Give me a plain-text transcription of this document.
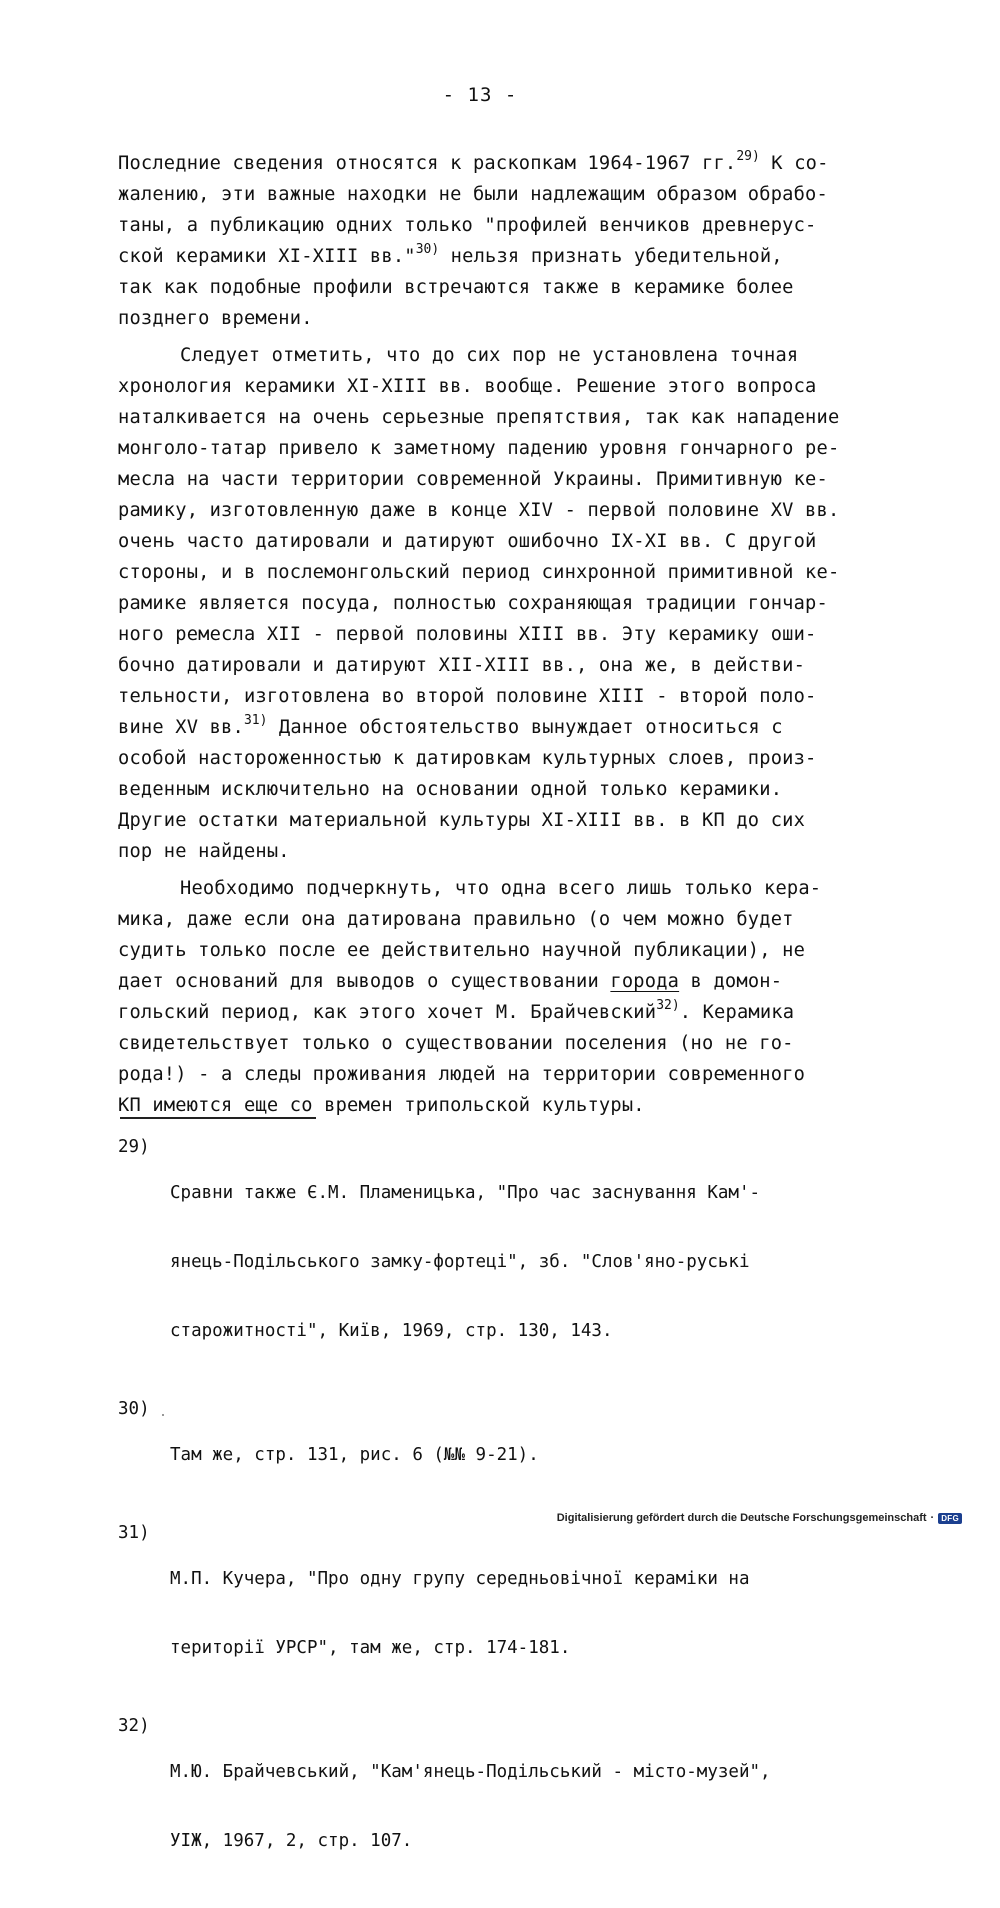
- 13 -
Последние сведения относятся к раскопкам 1964-1967 гг.$^{29)}$ К со-
жалению, эти важные находки не были надлежащим образом обрабо-
таны, а публикацию одних только "профилей венчиков древнерус-
ской керамики XI-XIII вв."$^{30)}$ нельзя признать убедительной,
так как подобные профили встречаются также в керамике более
позднего времени.
Следует отметить, что до сих пор не установлена точная
хронология керамики XI-XIII вв. вообще. Решение этого вопроса
наталкивается на очень серьезные препятствия, так как нападение
монголо-татар привело к заметному падению уровня гончарного ре-
месла на части территории современной Украины. Примитивную ке-
рамику, изготовленную даже в конце XIV - первой половине XV вв.
очень часто датировали и датируют ошибочно IX-XI вв. С другой
стороны, и в послемонгольский период синхронной примитивной ке-
рамике является посуда, полностью сохраняющая традиции гончар-
ного ремесла XII - первой половины XIII вв. Эту керамику оши-
бочно датировали и датируют XII-XIII вв., она же, в действи-
тельности, изготовлена во второй половине XIII - второй поло-
вине XV вв.$^{31)}$ Данное обстоятельство вынуждает относиться с
особой настороженностью к датировкам культурных слоев, произ-
веденным исключительно на основании одной только керамики.
Другие остатки материальной культуры XI-XIII вв. в КП до сих
пор не найдены.
Необходимо подчеркнуть, что одна всего лишь только кера-
мика, даже если она датирована правильно (о чем можно будет
судить только после ее действительно научной публикации), не
дает оснований для выводов о существовании города в домон-
гольский период, как этого хочет М. Брайчевский$^{32)}$. Керамика
свидетельствует только о существовании поселения (но не го-
рода!) - а следы проживания людей на территории современного
КП имеются еще со времен трипольской культуры.
29)

Сравни также Є.М. Пламеницька, "Про час заснування Кам'-

янець-Подільського замку-фортеці", зб. "Слов'яно-руські

старожитності", Київ, 1969, стр. 130, 143.

30)

Там же, стр. 131, рис. 6 (№№ 9-21).

31)

М.П. Кучера, "Про одну групу середньовічної кераміки на

території УРСР", там же, стр. 174-181.

32)

М.Ю. Брайчевський, "Кам'янець-Подільський - місто-музей",

УІЖ, 1967, 2, стр. 107.

Digitalisierung gefördert durch die Deutsche Forschungsgemeinschaft · DFG
